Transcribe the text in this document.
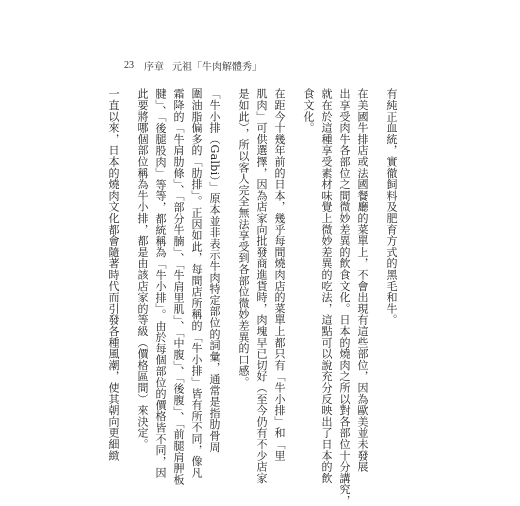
23 序章 元祖「牛肉解體秀」
有純正血統，實徹飼料及肥育方式的黑毛和牛。
在美國牛排店或法國餐廳的菜單上，不會出現有這些部位，因為歐美並未發展
出享受肉牛各部位之間微妙差異的飲食文化。日本的燒肉之所以對各部位十分講究，
就在於這種享受素材味覺上微妙差異的吃法，這點可以說充分反映出了日本的飲
食文化。
在距今十幾年前的日本，幾乎每間燒肉店的菜單上都只有「牛小排」和「里
肌肉」可供選擇，因為店家向批發商進貨時，肉塊早已切好（至今仍有不少店家
是如此），所以客人完全無法享受到各部位微妙差異的口感。
「牛小排（Galbi）」原本並非表示牛肉特定部位的詞彙，通常是指肋骨周
圍油脂偏多的「肋排」。正因如此，每間店所稱的「牛小排」皆有所不同，像凡
霜降的「牛肩肋條」、「部分牛腩」、「牛肩里肌」、「中腹」、「後腹」、「前腿肩胛板
腱」、「後腿股肉」等等，都統稱為「牛小排」。由於每個部位的價格皆不同，因
此要將哪個部位稱為牛小排，都是由該店家的等級（價格區間）來決定。
一直以來，日本的燒肉文化都會隨著時代而引發各種風潮，使其朝向更細緻
